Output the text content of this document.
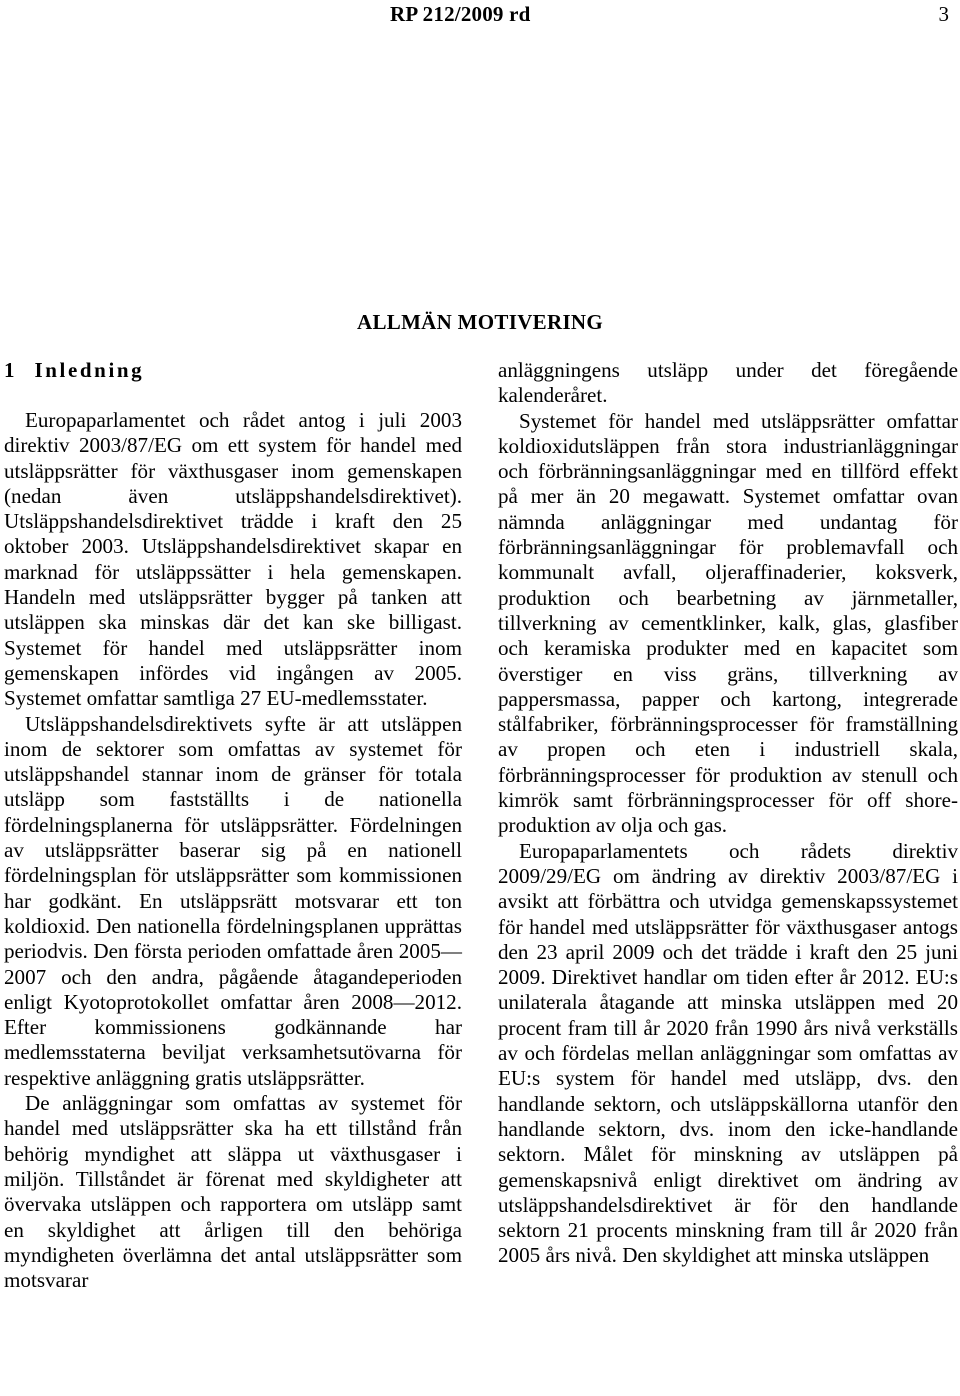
RP 212/2009 rd	3
ALLMÄN MOTIVERING
1 Inledning

Europaparlamentet och rådet antog i juli 2003 direktiv 2003/87/EG om ett system för handel med utsläppsrätter för växthusgaser inom gemenskapen (nedan även utsläppshandelsdirektivet). Utsläppshandelsdirektivet trädde i kraft den 25 oktober 2003. Utsläppshandelsdirektivet skapar en marknad för utsläppssätter i hela gemenskapen. Handeln med utsläppsrätter bygger på tanken att utsläppen ska minskas där det kan ske billigast. Systemet för handel med utsläppsrätter inom gemenskapen infördes vid ingången av 2005. Systemet omfattar samtliga 27 EU-medlemsstater.

Utsläppshandelsdirektivets syfte är att utsläppen inom de sektorer som omfattas av systemet för utsläppshandel stannar inom de gränser för totala utsläpp som fastställts i de nationella fördelningsplanerna för utsläppsrätter. Fördelningen av utsläppsrätter baserar sig på en nationell fördelningsplan för utsläppsrätter som kommissionen har godkänt. En utsläppsrätt motsvarar ett ton koldioxid. Den nationella fördelningsplanen upprättas periodvis. Den första perioden omfattade åren 2005—2007 och den andra, pågående åtagandeperioden enligt Kyotoprotokollet omfattar åren 2008—2012. Efter kommissionens godkännande har medlemsstaterna beviljat verksamhetsutövarna för respektive anläggning gratis utsläppsrätter.

De anläggningar som omfattas av systemet för handel med utsläppsrätter ska ha ett tillstånd från behörig myndighet att släppa ut växthusgaser i miljön. Tillståndet är förenat med skyldigheter att övervaka utsläppen och rapportera om utsläpp samt en skyldighet att årligen till den behöriga myndigheten överlämna det antal utsläppsrätter som motsvarar

anläggningens utsläpp under det föregående kalenderåret.

Systemet för handel med utsläppsrätter omfattar koldioxidutsläppen från stora industrianläggningar och förbränningsanläggningar med en tillförd effekt på mer än 20 megawatt. Systemet omfattar ovan nämnda anläggningar med undantag för förbränningsanläggningar för problemavfall och kommunalt avfall, oljeraffinaderier, koksverk, produktion och bearbetning av järnmetaller, tillverkning av cementklinker, kalk, glas, glasfiber och keramiska produkter med en kapacitet som överstiger en viss gräns, tillverkning av pappersmassa, papper och kartong, integrerade stålfabriker, förbränningsprocesser för framställning av propen och eten i industriell skala, förbränningsprocesser för produktion av stenull och kimrök samt förbränningsprocesser för off shore-produktion av olja och gas.

Europaparlamentets och rådets direktiv 2009/29/EG om ändring av direktiv 2003/87/EG i avsikt att förbättra och utvidga gemenskapssystemet för handel med utsläppsrätter för växthusgaser antogs den 23 april 2009 och det trädde i kraft den 25 juni 2009. Direktivet handlar om tiden efter år 2012. EU:s unilaterala åtagande att minska utsläppen med 20 procent fram till år 2020 från 1990 års nivå verkställs av och fördelas mellan anläggningar som omfattas av EU:s system för handel med utsläpp, dvs. den handlande sektorn, och utsläppskällorna utanför den handlande sektorn, dvs. inom den icke-handlande sektorn. Målet för minskning av utsläppen på gemenskapsnivå enligt direktivet om ändring av utsläppshandelsdirektivet är för den handlande sektorn 21 procents minskning fram till år 2020 från 2005 års nivå. Den skyldighet att minska utsläppen
